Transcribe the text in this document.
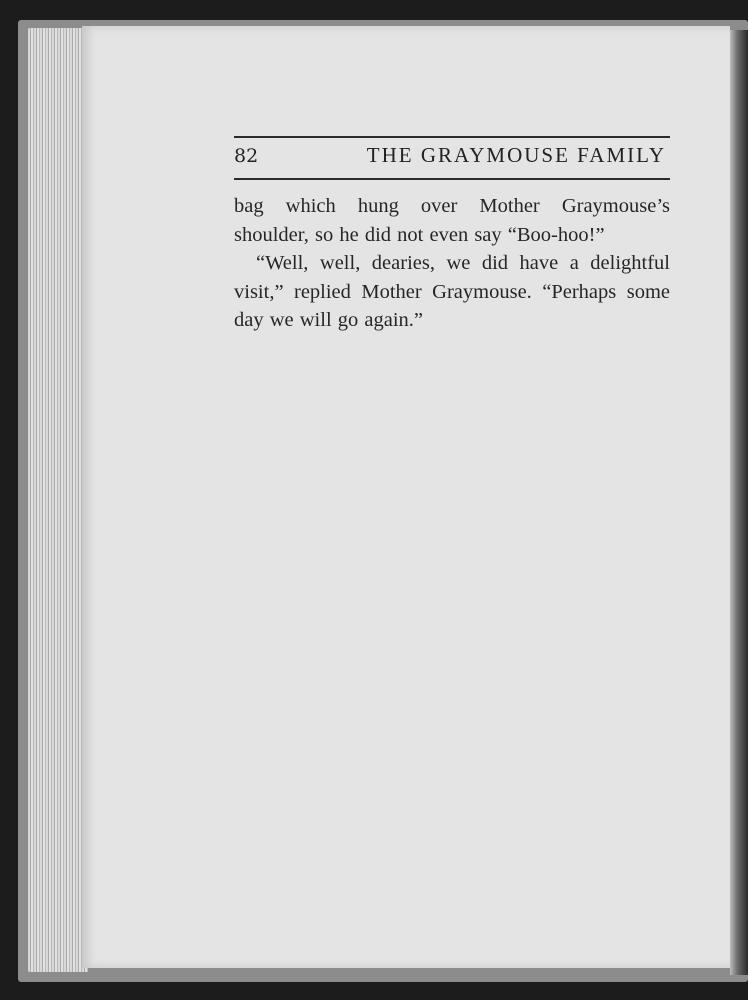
82	THE GRAYMOUSE FAMILY

bag which hung over Mother Graymouse’s shoulder, so he did not even say “Boo-hoo!”

“Well, well, dearies, we did have a delightful visit,” replied Mother Graymouse. “Perhaps some day we will go again.”
